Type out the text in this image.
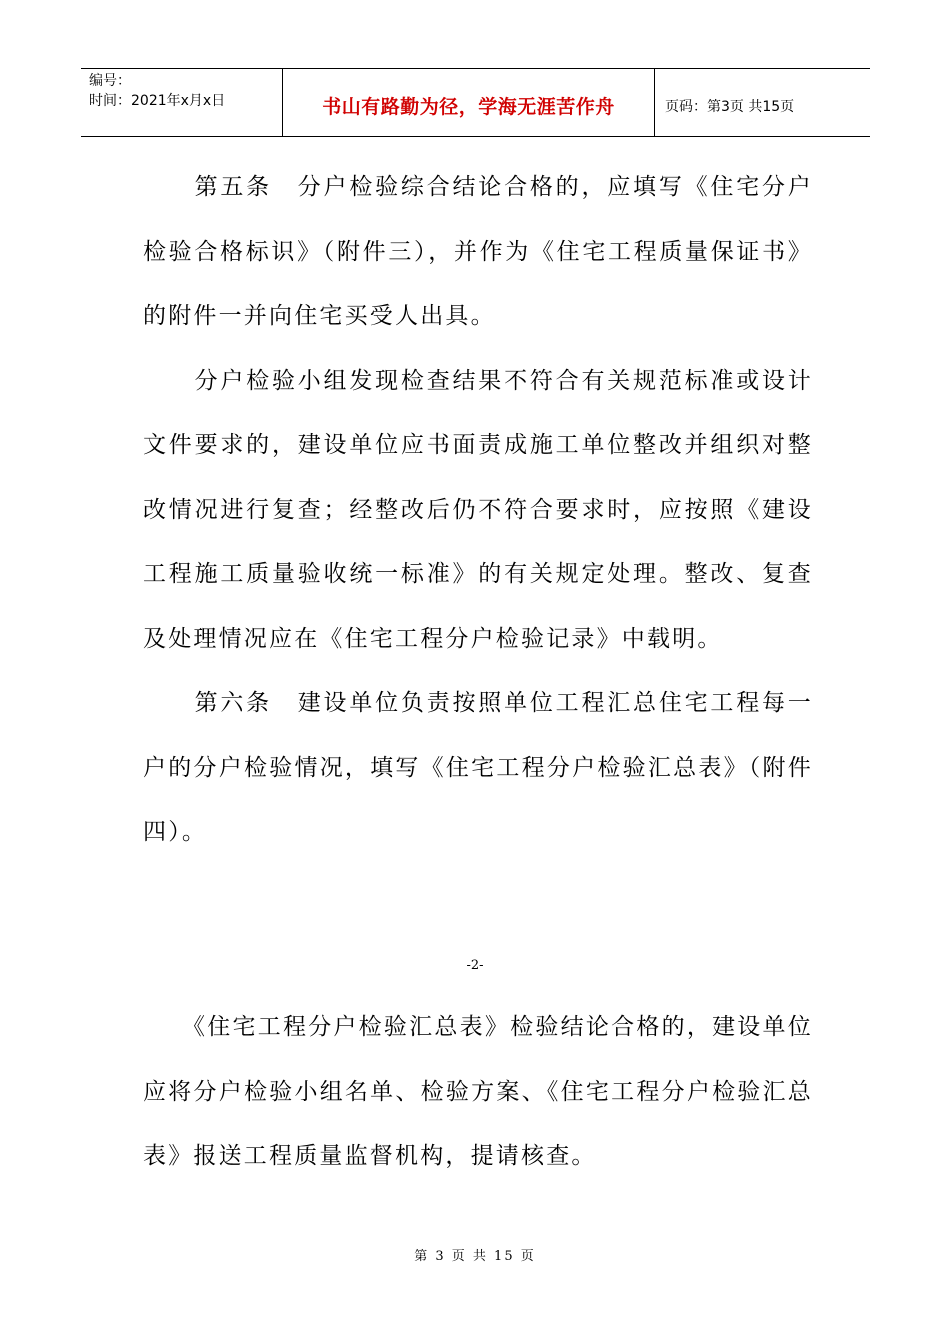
编号：
时间：2021年x月x日	书山有路勤为径，学海无涯苦作舟	页码：第3页 共15页

　　第五条　分户检验综合结论合格的，应填写《住宅分户检验合格标识》（附件三），并作为《住宅工程质量保证书》的附件一并向住宅买受人出具。

　　分户检验小组发现检查结果不符合有关规范标准或设计文件要求的，建设单位应书面责成施工单位整改并组织对整改情况进行复查；经整改后仍不符合要求时，应按照《建设工程施工质量验收统一标准》的有关规定处理。整改、复查及处理情况应在《住宅工程分户检验记录》中载明。

　　第六条　建设单位负责按照单位工程汇总住宅工程每一户的分户检验情况，填写《住宅工程分户检验汇总表》（附件四）。

-2-

　　《住宅工程分户检验汇总表》检验结论合格的，建设单位应将分户检验小组名单、检验方案、《住宅工程分户检验汇总表》报送工程质量监督机构，提请核查。

第 3 页 共 15 页
